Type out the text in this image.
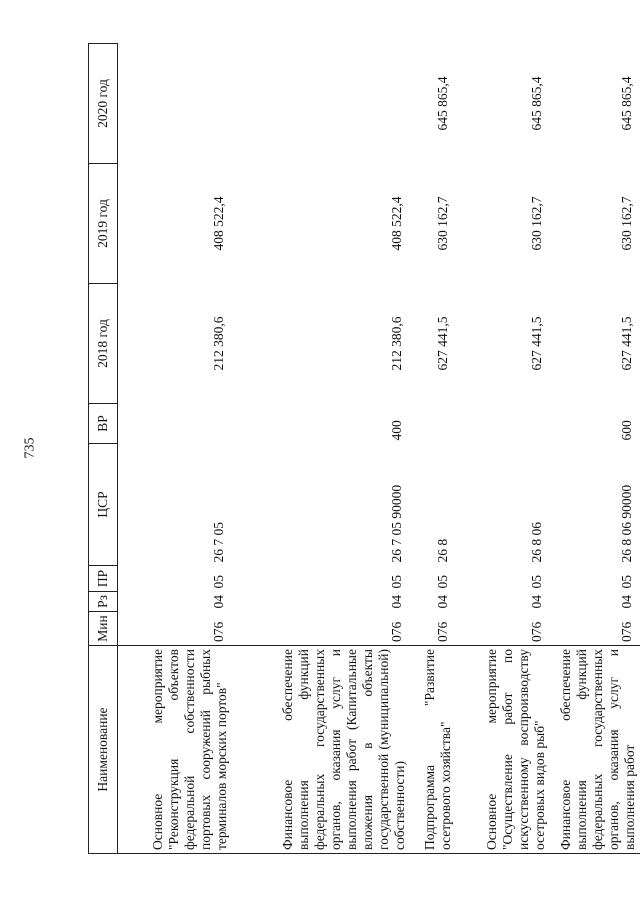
735
Наименование	Мин	Рз	ПР	ЦСР	ВР	2018 год	2019 год	2020 год
Основное мероприятие "Реконструкция объектов федеральной собственности портовых сооружений рыбных терминалов морских портов"	076	04	05	26 7 05		212 380,6	408 522,4	
Финансовое обеспечение выполнения функций федеральных государственных органов, оказания услуг и выполнения работ (Капитальные вложения в объекты государственной (муниципальной) собственности)	076	04	05	26 7 05 90000	400	212 380,6	408 522,4	
Подпрограмма "Развитие осетрового хозяйства"	076	04	05	26 8		627 441,5	630 162,7	645 865,4
Основное мероприятие "Осуществление работ по искусственному воспроизводству осетровых видов рыб"	076	04	05	26 8 06		627 441,5	630 162,7	645 865,4
Финансовое обеспечение выполнения функций федеральных государственных органов, оказания услуг и выполнения работ	076	04	05	26 8 06 90000	600	627 441,5	630 162,7	645 865,4
